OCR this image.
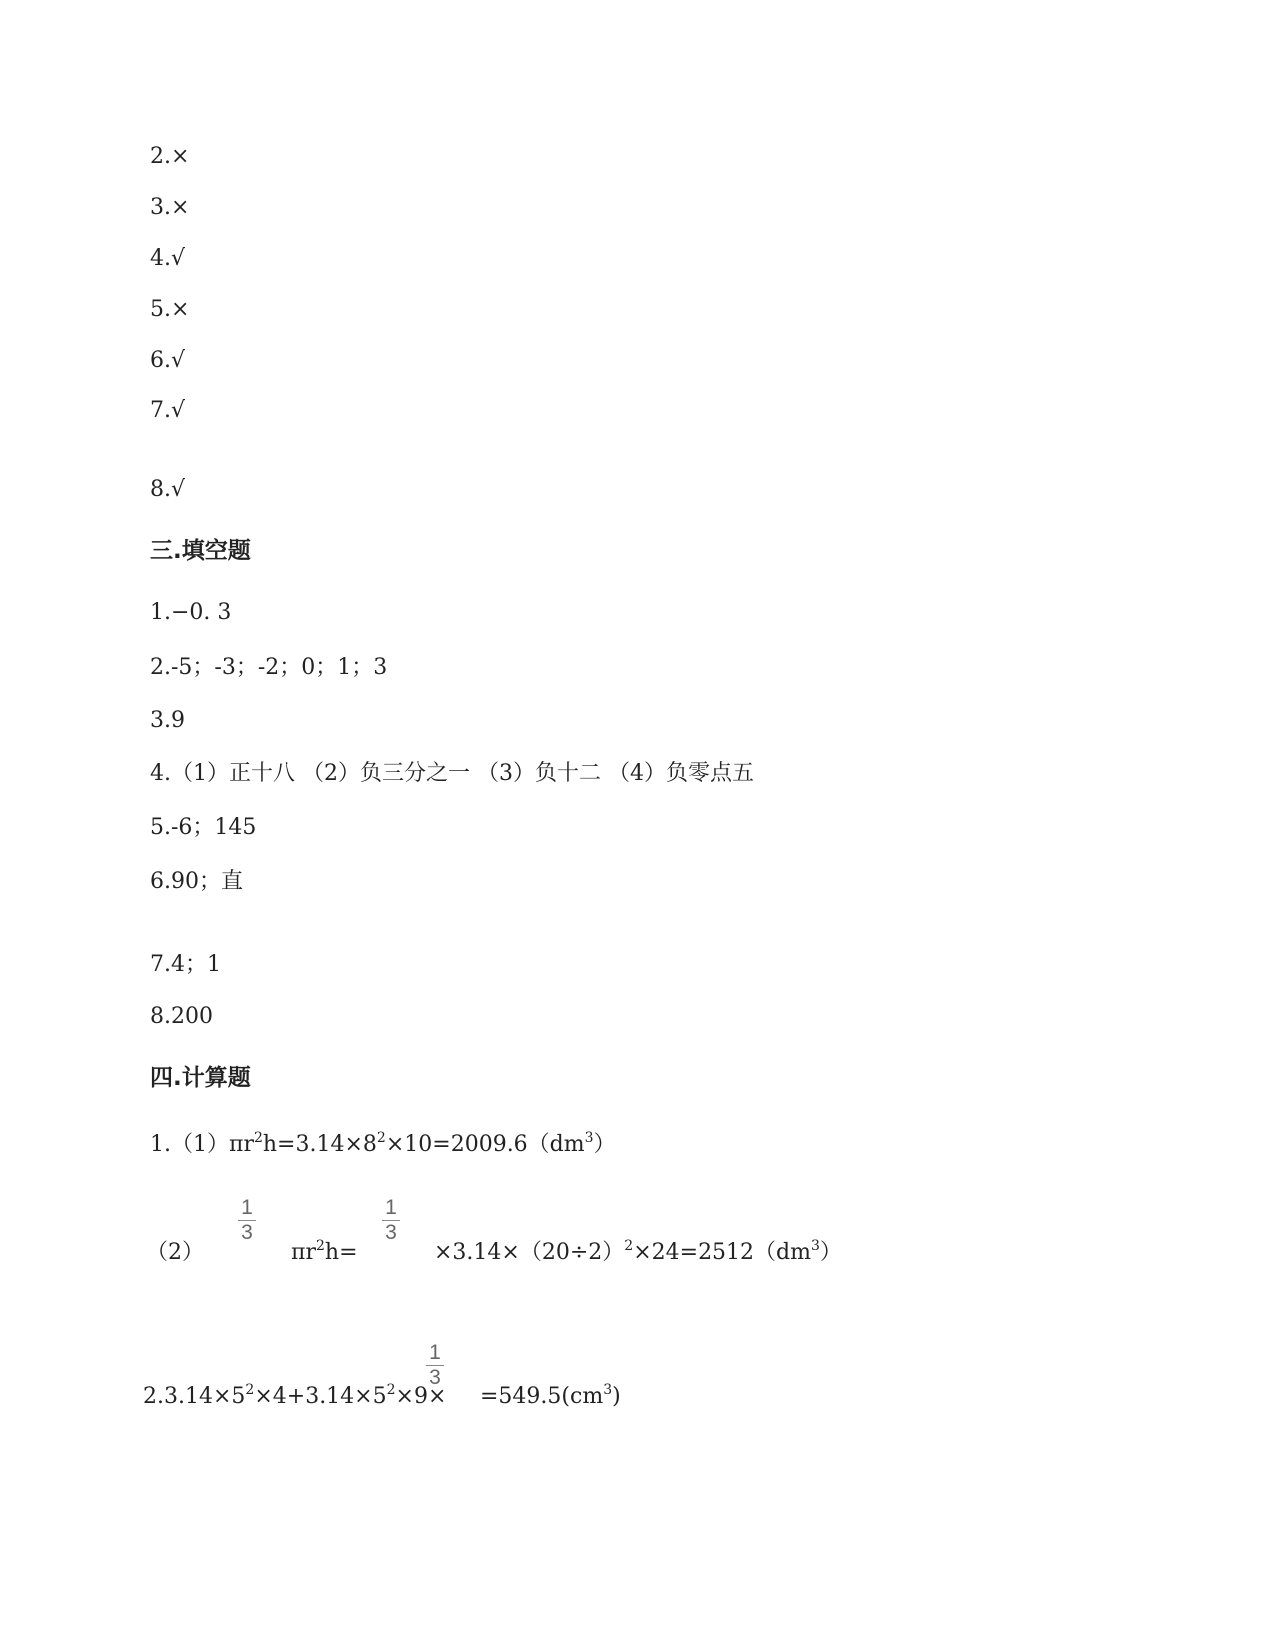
2.×
3.×
4.√
5.×
6.√
7.√
8.√
三.填空题
1.−0. 3
2.-5；-3；-2；0；1；3
3.9
4.（1）正十八 （2）负三分之一 （3）负十二 （4）负零点五
5.-6；145
6.90；直
7.4；1
8.200
四.计算题
$1.(1)\pi r^2h=3.14\times 8^2\times 10=2009.6(dm^3)$
（2）
1
3
$\pi r^2h=$
1
3
$\times 3.14\times(20\div 2)^2\times 24=2512(dm^3)$
$2.3.14\times 5^2\times 4+3.14\times 5^2\times 9\times$
1
3
$=549.5(cm^3)$
